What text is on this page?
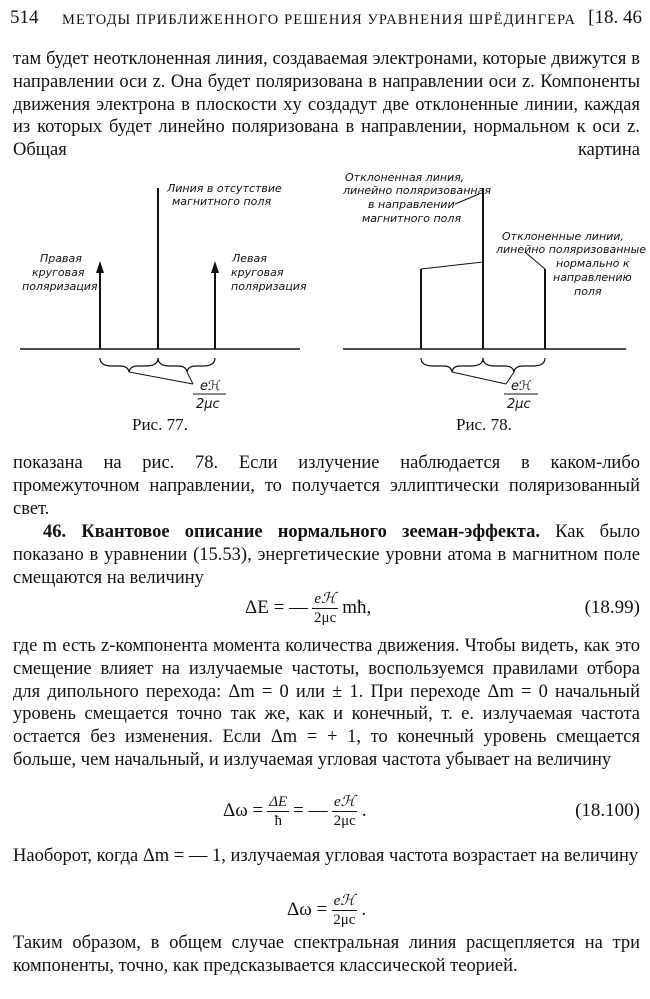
514 МЕТОДЫ ПРИБЛИЖЕННОГО РЕШЕНИЯ УРАВНЕНИЯ ШРЁДИНГЕРА [18. 46
там будет неотклоненная линия, создаваемая электронами, которые движутся в направлении оси z. Она будет поляризована в направлении оси z. Компоненты движения электрона в плоскости xy создадут две отклоненные линии, каждая из которых будет линейно поляризована в направлении, нормальном к оси z. Общая картина
Линия в отсутствие
магнитного поля
Правая
круговая
поляризация
Левая
круговая
поляризация
eℋ
2μc
Отклоненная линия,
линейно поляризованная
в направлении
магнитного поля
Отклоненные линии,
линейно поляризованные
нормально к
направлению
поля
eℋ
2μc
Рис. 77.	Рис. 78.
показана на рис. 78. Если излучение наблюдается в каком-либо промежуточном направлении, то получается эллиптически поляризованный свет.
46. Квантовое описание нормального зееман-эффекта. Как было показано в уравнении (15.53), энергетические уровни атома в магнитном поле смещаются на величину
ΔE = — $\frac{\text{eℋ}}{2\mu c}$ mħ,	(18.99)
где m есть z-компонента момента количества движения. Чтобы видеть, как это смещение влияет на излучаемые частоты, воспользуемся правилами отбора для дипольного перехода: Δm = 0 или ± 1. При переходе Δm = 0 начальный уровень смещается точно так же, как и конечный, т. е. излучаемая частота остается без изменения. Если Δm = + 1, то конечный уровень смещается больше, чем начальный, и излучаемая угловая частота убывает на величину
$\Delta\omega = \frac{\Delta E}{ħ}$ = — $\frac{\text{eℋ}}{2\mu c}$ .	(18.100)
Наоборот, когда Δm = — 1, излучаемая угловая частота возрастает на величину
$\Delta\omega = \frac{\text{eℋ}}{2\mu c}$ .
Таким образом, в общем случае спектральная линия расщепляется на три компоненты, точно, как предсказывается классической теорией.
